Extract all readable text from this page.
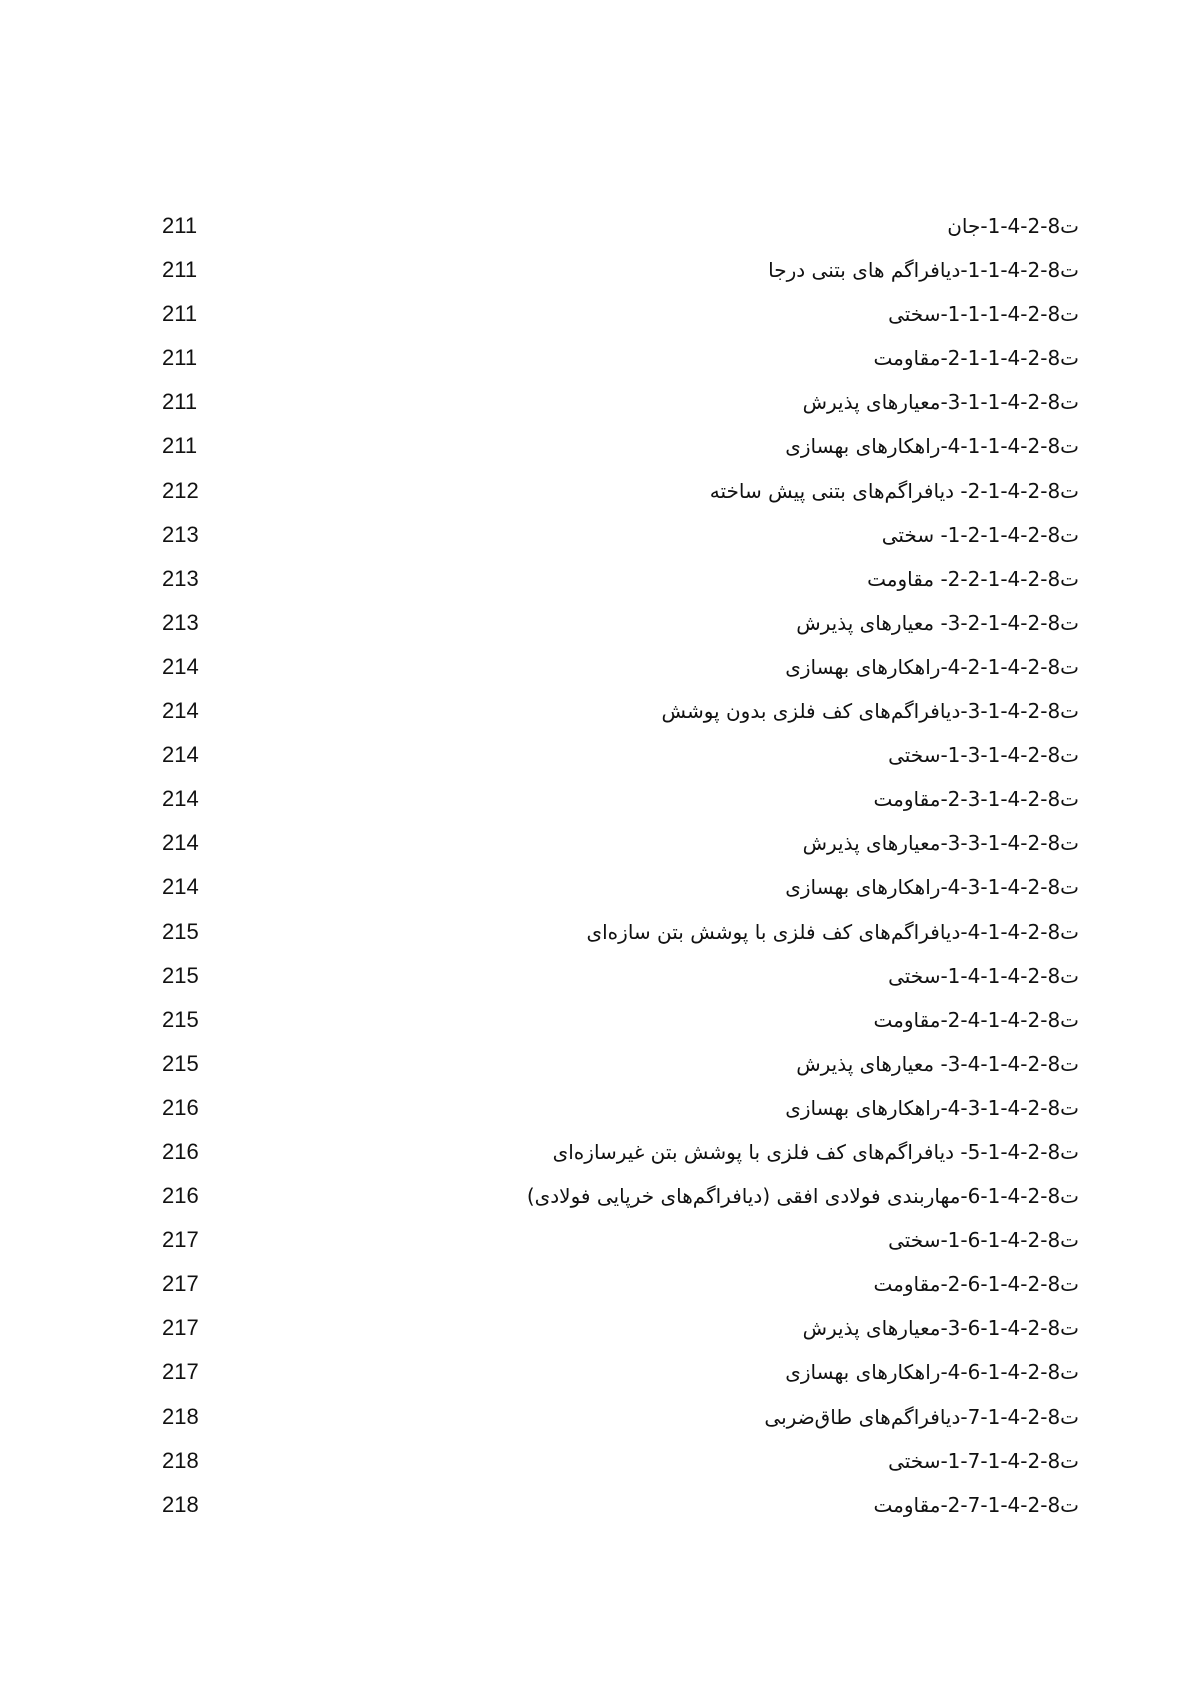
211	ت8-2-4-1-جان
211	ت8-2-4-1-1-دیافراگم های بتنی درجا
211	ت8-2-4-1-1-1-سختی
211	ت8-2-4-1-1-2-مقاومت
211	ت8-2-4-1-1-3-معیارهای پذیرش
211	ت8-2-4-1-1-4-راهکارهای بهسازی
212	ت8-2-4-1-2- دیافراگم‌های بتنی پیش ساخته
213	ت8-2-4-1-2-1- سختی
213	ت8-2-4-1-2-2- مقاومت
213	ت8-2-4-1-2-3- معیارهای پذیرش
214	ت8-2-4-1-2-4-راهکارهای بهسازی
214	ت8-2-4-1-3-دیافراگم‌های کف فلزی بدون پوشش
214	ت8-2-4-1-3-1-سختی
214	ت8-2-4-1-3-2-مقاومت
214	ت8-2-4-1-3-3-معیارهای پذیرش
214	ت8-2-4-1-3-4-راهکارهای بهسازی
215	ت8-2-4-1-4-دیافراگم‌های کف فلزی با پوشش بتن سازه‌ای
215	ت8-2-4-1-4-1-سختی
215	ت8-2-4-1-4-2-مقاومت
215	ت8-2-4-1-4-3- معیارهای پذیرش
216	ت8-2-4-1-3-4-راهکارهای بهسازی
216	ت8-2-4-1-5- دیافراگم‌های کف فلزی با پوشش بتن غیرسازه‌ای
216	ت8-2-4-1-6-مهاربندی فولادی افقی (دیافراگم‌های خرپایی فولادی)
217	ت8-2-4-1-6-1-سختی
217	ت8-2-4-1-6-2-مقاومت
217	ت8-2-4-1-6-3-معیارهای پذیرش
217	ت8-2-4-1-6-4-راهکارهای بهسازی
218	ت8-2-4-1-7-دیافراگم‌های طاق‌ضربی
218	ت8-2-4-1-7-1-سختی
218	ت8-2-4-1-7-2-مقاومت
